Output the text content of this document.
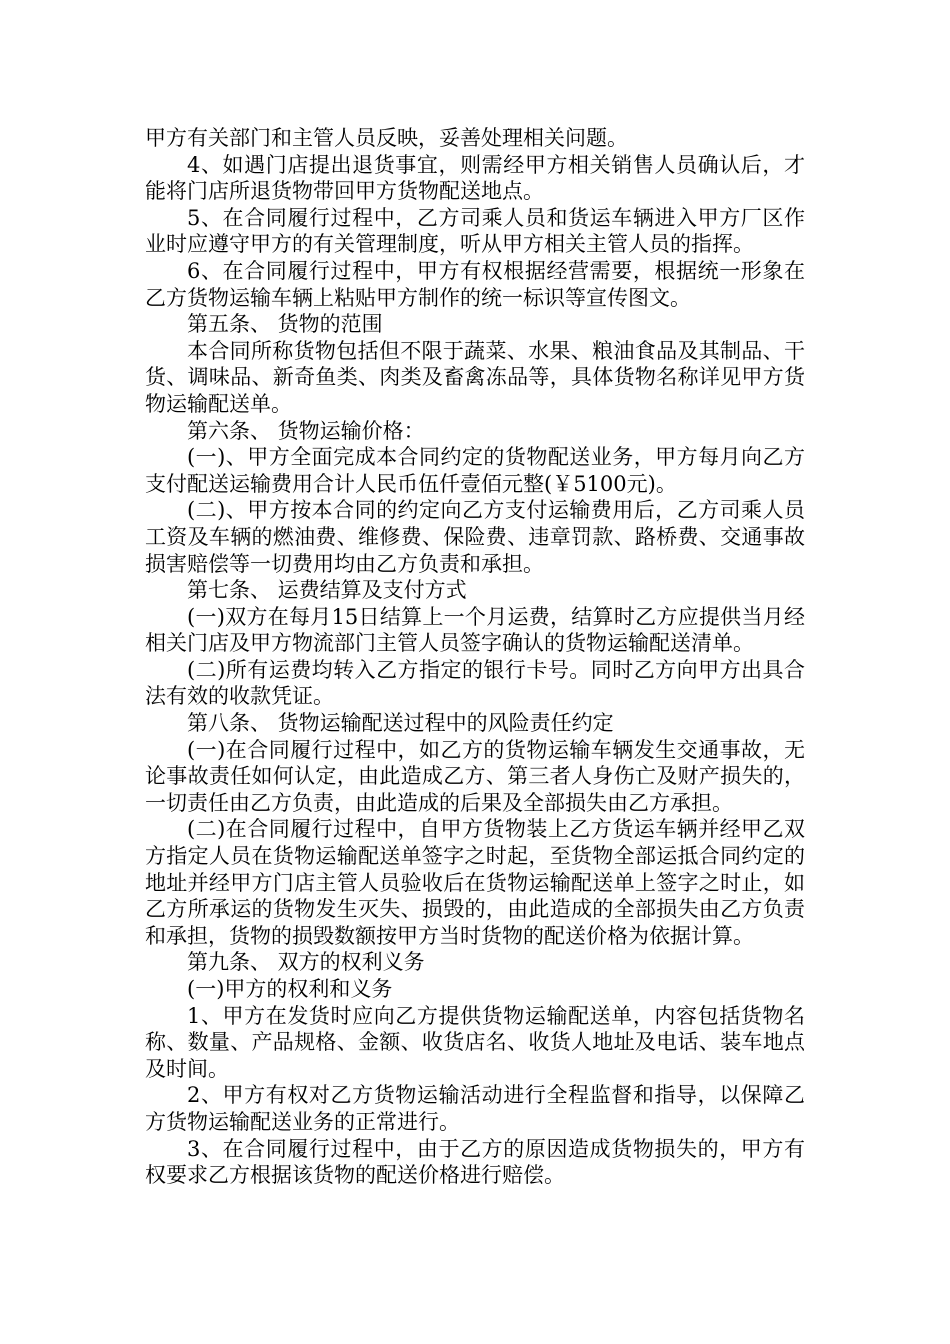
甲方有关部门和主管人员反映，妥善处理相关问题。

4、如遇门店提出退货事宜，则需经甲方相关销售人员确认后，才能将门店所退货物带回甲方货物配送地点。

5、在合同履行过程中，乙方司乘人员和货运车辆进入甲方厂区作业时应遵守甲方的有关管理制度，听从甲方相关主管人员的指挥。

6、在合同履行过程中，甲方有权根据经营需要，根据统一形象在乙方货物运输车辆上粘贴甲方制作的统一标识等宣传图文。

第五条、 货物的范围

本合同所称货物包括但不限于蔬菜、水果、粮油食品及其制品、干货、调味品、新奇鱼类、肉类及畜禽冻品等，具体货物名称详见甲方货物运输配送单。

第六条、 货物运输价格：

(一)、甲方全面完成本合同约定的货物配送业务，甲方每月向乙方支付配送运输费用合计人民币伍仟壹佰元整(￥5100元)。

(二)、甲方按本合同的约定向乙方支付运输费用后，乙方司乘人员工资及车辆的燃油费、维修费、保险费、违章罚款、路桥费、交通事故损害赔偿等一切费用均由乙方负责和承担。

第七条、 运费结算及支付方式

(一)双方在每月15日结算上一个月运费，结算时乙方应提供当月经相关门店及甲方物流部门主管人员签字确认的货物运输配送清单。

(二)所有运费均转入乙方指定的银行卡号。同时乙方向甲方出具合法有效的收款凭证。

第八条、 货物运输配送过程中的风险责任约定

(一)在合同履行过程中，如乙方的货物运输车辆发生交通事故，无论事故责任如何认定，由此造成乙方、第三者人身伤亡及财产损失的，一切责任由乙方负责，由此造成的后果及全部损失由乙方承担。

(二)在合同履行过程中，自甲方货物装上乙方货运车辆并经甲乙双方指定人员在货物运输配送单签字之时起，至货物全部运抵合同约定的地址并经甲方门店主管人员验收后在货物运输配送单上签字之时止，如乙方所承运的货物发生灭失、损毁的，由此造成的全部损失由乙方负责和承担，货物的损毁数额按甲方当时货物的配送价格为依据计算。

第九条、 双方的权利义务

(一)甲方的权利和义务

1、甲方在发货时应向乙方提供货物运输配送单，内容包括货物名称、数量、产品规格、金额、收货店名、收货人地址及电话、装车地点及时间。

2、甲方有权对乙方货物运输活动进行全程监督和指导，以保障乙方货物运输配送业务的正常进行。

3、在合同履行过程中，由于乙方的原因造成货物损失的，甲方有权要求乙方根据该货物的配送价格进行赔偿。
